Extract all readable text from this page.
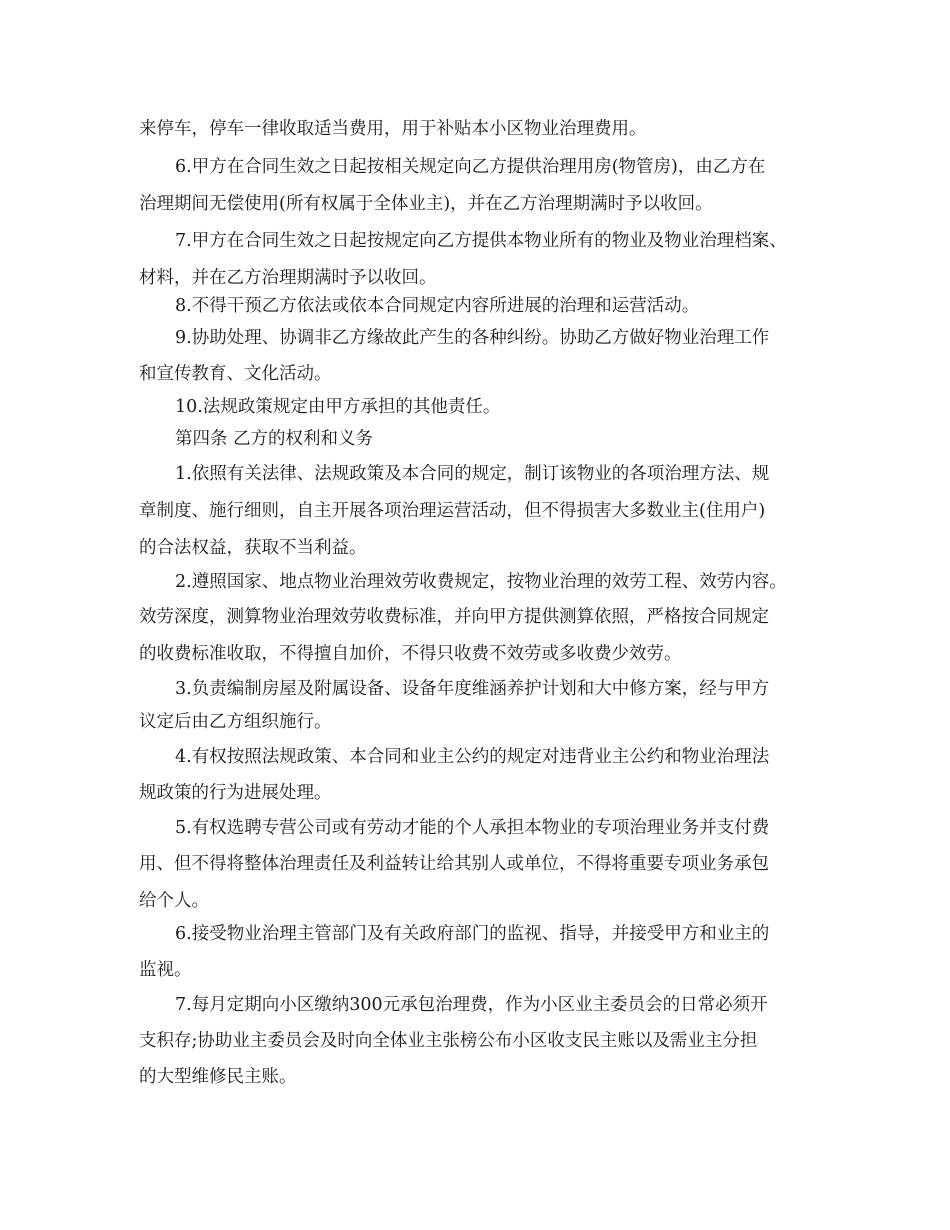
来停车，停车一律收取适当费用，用于补贴本小区物业治理费用。
6.甲方在合同生效之日起按相关规定向乙方提供治理用房(物管房)，由乙方在
治理期间无偿使用(所有权属于全体业主)，并在乙方治理期满时予以收回。
7.甲方在合同生效之日起按规定向乙方提供本物业所有的物业及物业治理档案、
材料，并在乙方治理期满时予以收回。
8.不得干预乙方依法或依本合同规定内容所进展的治理和运营活动。
9.协助处理、协调非乙方缘故此产生的各种纠纷。协助乙方做好物业治理工作
和宣传教育、文化活动。
10.法规政策规定由甲方承担的其他责任。
第四条 乙方的权利和义务
1.依照有关法律、法规政策及本合同的规定，制订该物业的各项治理方法、规
章制度、施行细则，自主开展各项治理运营活动，但不得损害大多数业主(住用户)
的合法权益，获取不当利益。
2.遵照国家、地点物业治理效劳收费规定，按物业治理的效劳工程、效劳内容。
效劳深度，测算物业治理效劳收费标准，并向甲方提供测算依照，严格按合同规定
的收费标准收取，不得擅自加价，不得只收费不效劳或多收费少效劳。
3.负责编制房屋及附属设备、设备年度维涵养护计划和大中修方案，经与甲方
议定后由乙方组织施行。
4.有权按照法规政策、本合同和业主公约的规定对违背业主公约和物业治理法
规政策的行为进展处理。
5.有权选聘专营公司或有劳动才能的个人承担本物业的专项治理业务并支付费
用、但不得将整体治理责任及利益转让给其别人或单位，不得将重要专项业务承包
给个人。
6.接受物业治理主管部门及有关政府部门的监视、指导，并接受甲方和业主的
监视。
7.每月定期向小区缴纳300元承包治理费，作为小区业主委员会的日常必须开
支积存;协助业主委员会及时向全体业主张榜公布小区收支民主账以及需业主分担
的大型维修民主账。
